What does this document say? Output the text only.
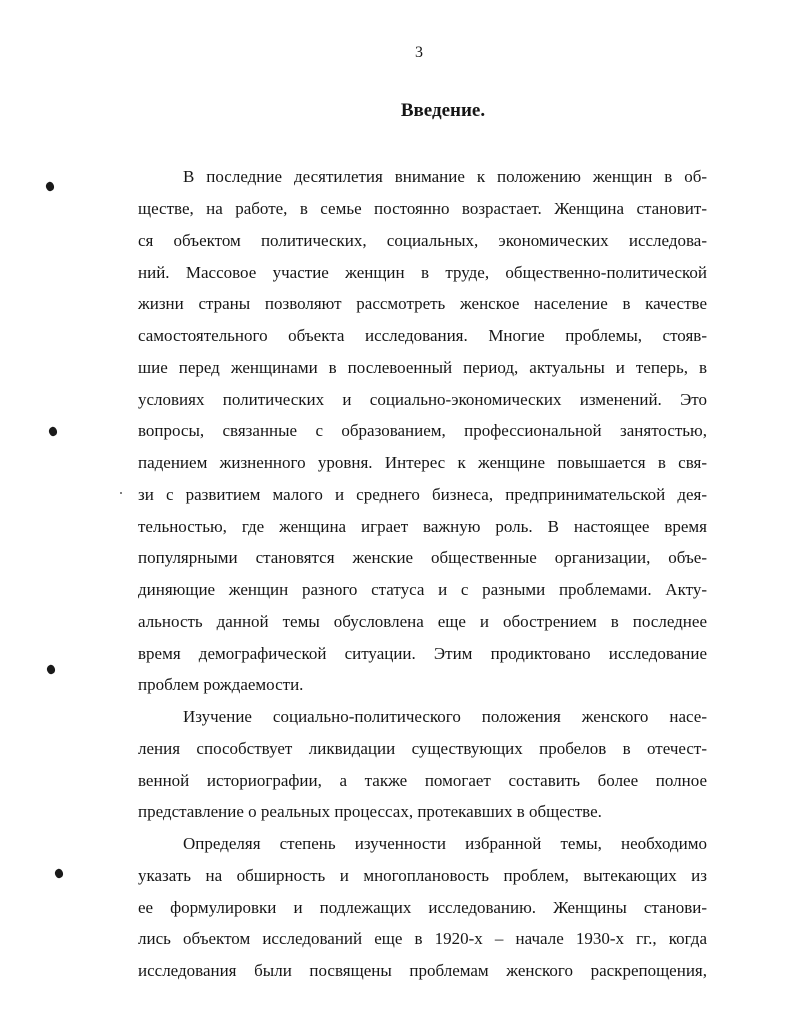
3
Введение.
В последние десятилетия внимание к положению женщин в об-
ществе, на работе, в семье постоянно возрастает. Женщина становит-
ся объектом политических, социальных, экономических исследова-
ний. Массовое участие женщин в труде, общественно-политической
жизни страны позволяют рассмотреть женское население в качестве
самостоятельного объекта исследования. Многие проблемы, стояв-
шие перед женщинами в послевоенный период, актуальны и теперь, в
условиях политических и социально-экономических изменений. Это
вопросы, связанные с образованием, профессиональной занятостью,
падением жизненного уровня. Интерес к женщине повышается в свя-
зи с развитием малого и среднего бизнеса, предпринимательской дея-
тельностью, где женщина играет важную роль. В настоящее время
популярными становятся женские общественные организации, объе-
диняющие женщин разного статуса и с разными проблемами. Акту-
альность данной темы обусловлена еще и обострением в последнее
время демографической ситуации. Этим продиктовано исследование
проблем рождаемости.
Изучение социально-политического положения женского насе-
ления способствует ликвидации существующих пробелов в отечест-
венной историографии, а также помогает составить более полное
представление о реальных процессах, протекавших в обществе.
Определяя степень изученности избранной темы, необходимо
указать на обширность и многоплановость проблем, вытекающих из
ее формулировки и подлежащих исследованию. Женщины станови-
лись объектом исследований еще в 1920-х – начале 1930-х гг., когда
исследования были посвящены проблемам женского раскрепощения,
